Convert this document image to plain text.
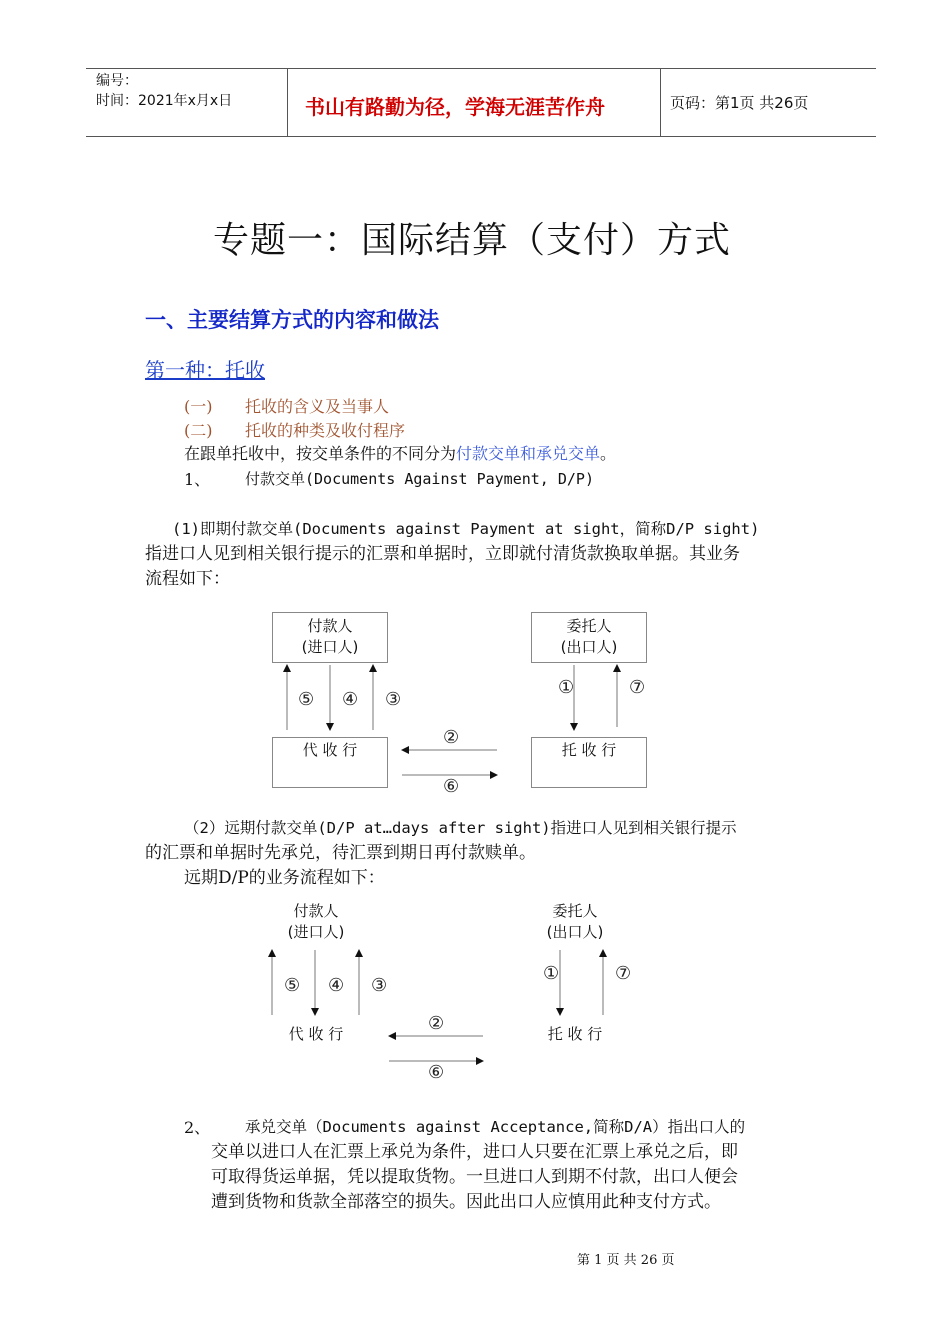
编号：
时间：2021年x月x日	书山有路勤为径，学海无涯苦作舟	页码：第1页 共26页
专题一：国际结算（支付）方式
一、主要结算方式的内容和做法
第一种：托收
(一) 托收的含义及当事人
(二) 托收的种类及收付程序
在跟单托收中，按交单条件的不同分为付款交单和承兑交单。
1、 付款交单(Documents Against Payment, D/P)
(1)即期付款交单(Documents against Payment at sight，简称D/P sight)
指进口人见到相关银行提示的汇票和单据时，立即就付清货款换取单据。其业务
流程如下：
付款人
(进口人)
委托人
(出口人)
代 收 行	托 收 行
⑤ ④ ③
②
⑥
①	⑦
（2）远期付款交单(D/P at…days after sight)指进口人见到相关银行提示
的汇票和单据时先承兑，待汇票到期日再付款赎单。
远期D/P的业务流程如下：
付款人
(进口人)
委托人
(出口人)
代 收 行	托 收 行
⑤ ④ ③
②
⑥
①	⑦
2、 承兑交单（Documents against Acceptance,简称D/A）指出口人的
交单以进口人在汇票上承兑为条件，进口人只要在汇票上承兑之后，即
可取得货运单据，凭以提取货物。一旦进口人到期不付款，出口人便会
遭到货物和货款全部落空的损失。因此出口人应慎用此种支付方式。
第 1 页 共 26 页
